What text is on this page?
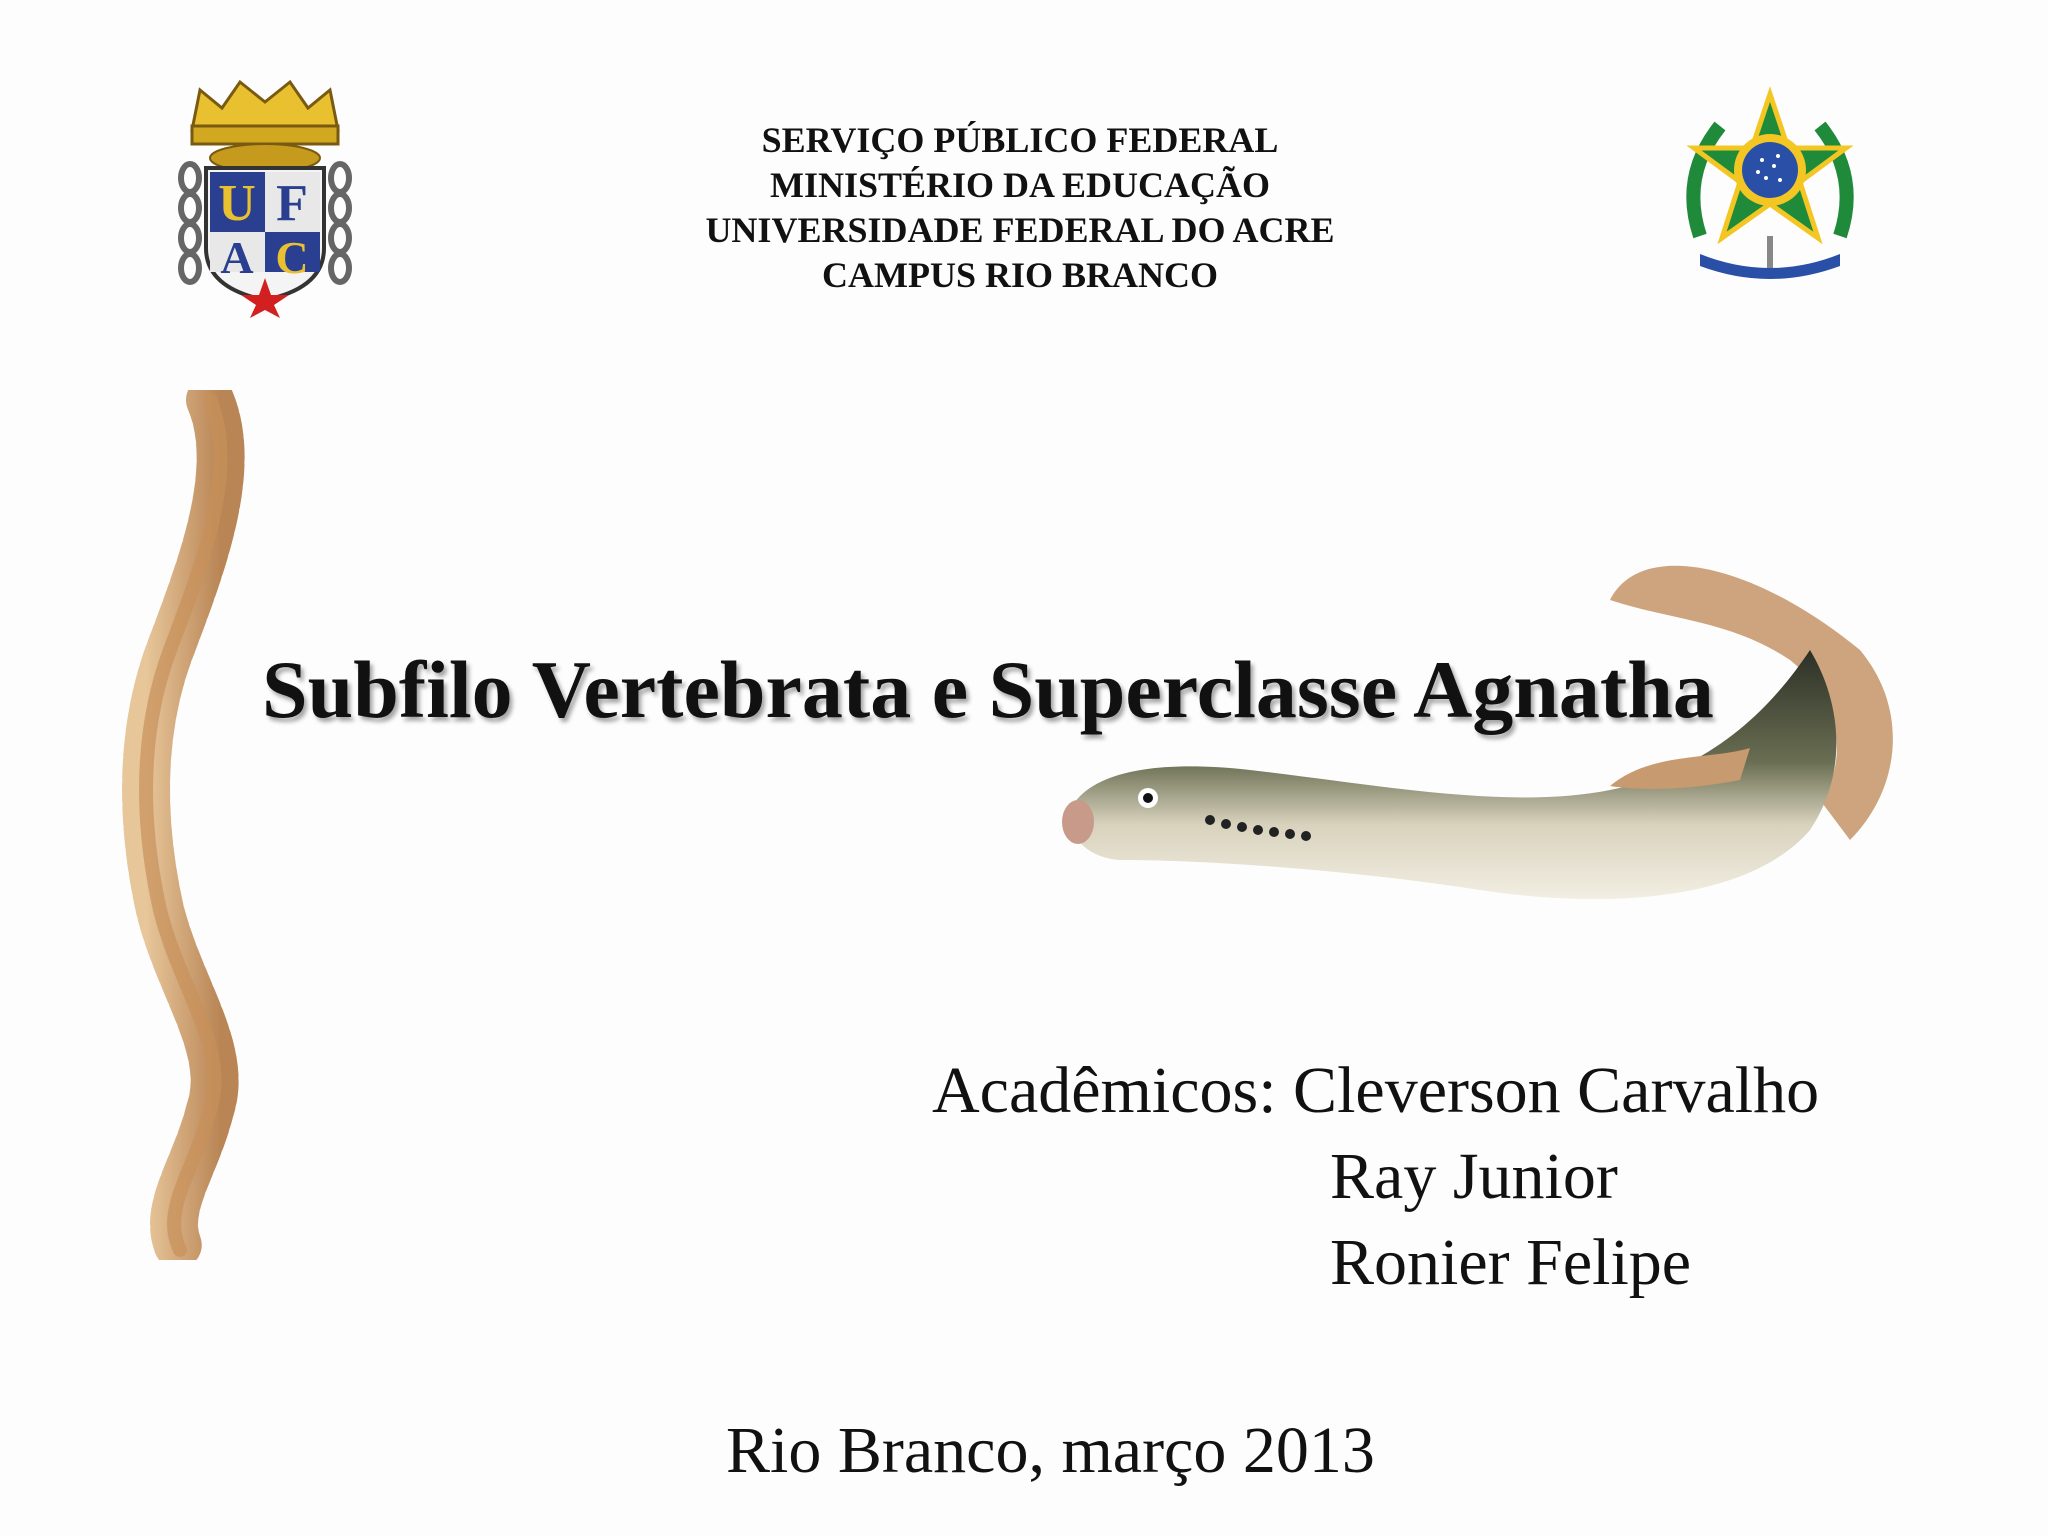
U F
A C
SERVIÇO PÚBLICO FEDERAL
MINISTÉRIO DA EDUCAÇÃO
UNIVERSIDADE FEDERAL DO ACRE
CAMPUS RIO BRANCO
Subfilo Vertebrata e Superclasse Agnatha
Acadêmicos: Cleverson Carvalho
Ray Junior
Ronier Felipe
Rio Branco, março 2013
